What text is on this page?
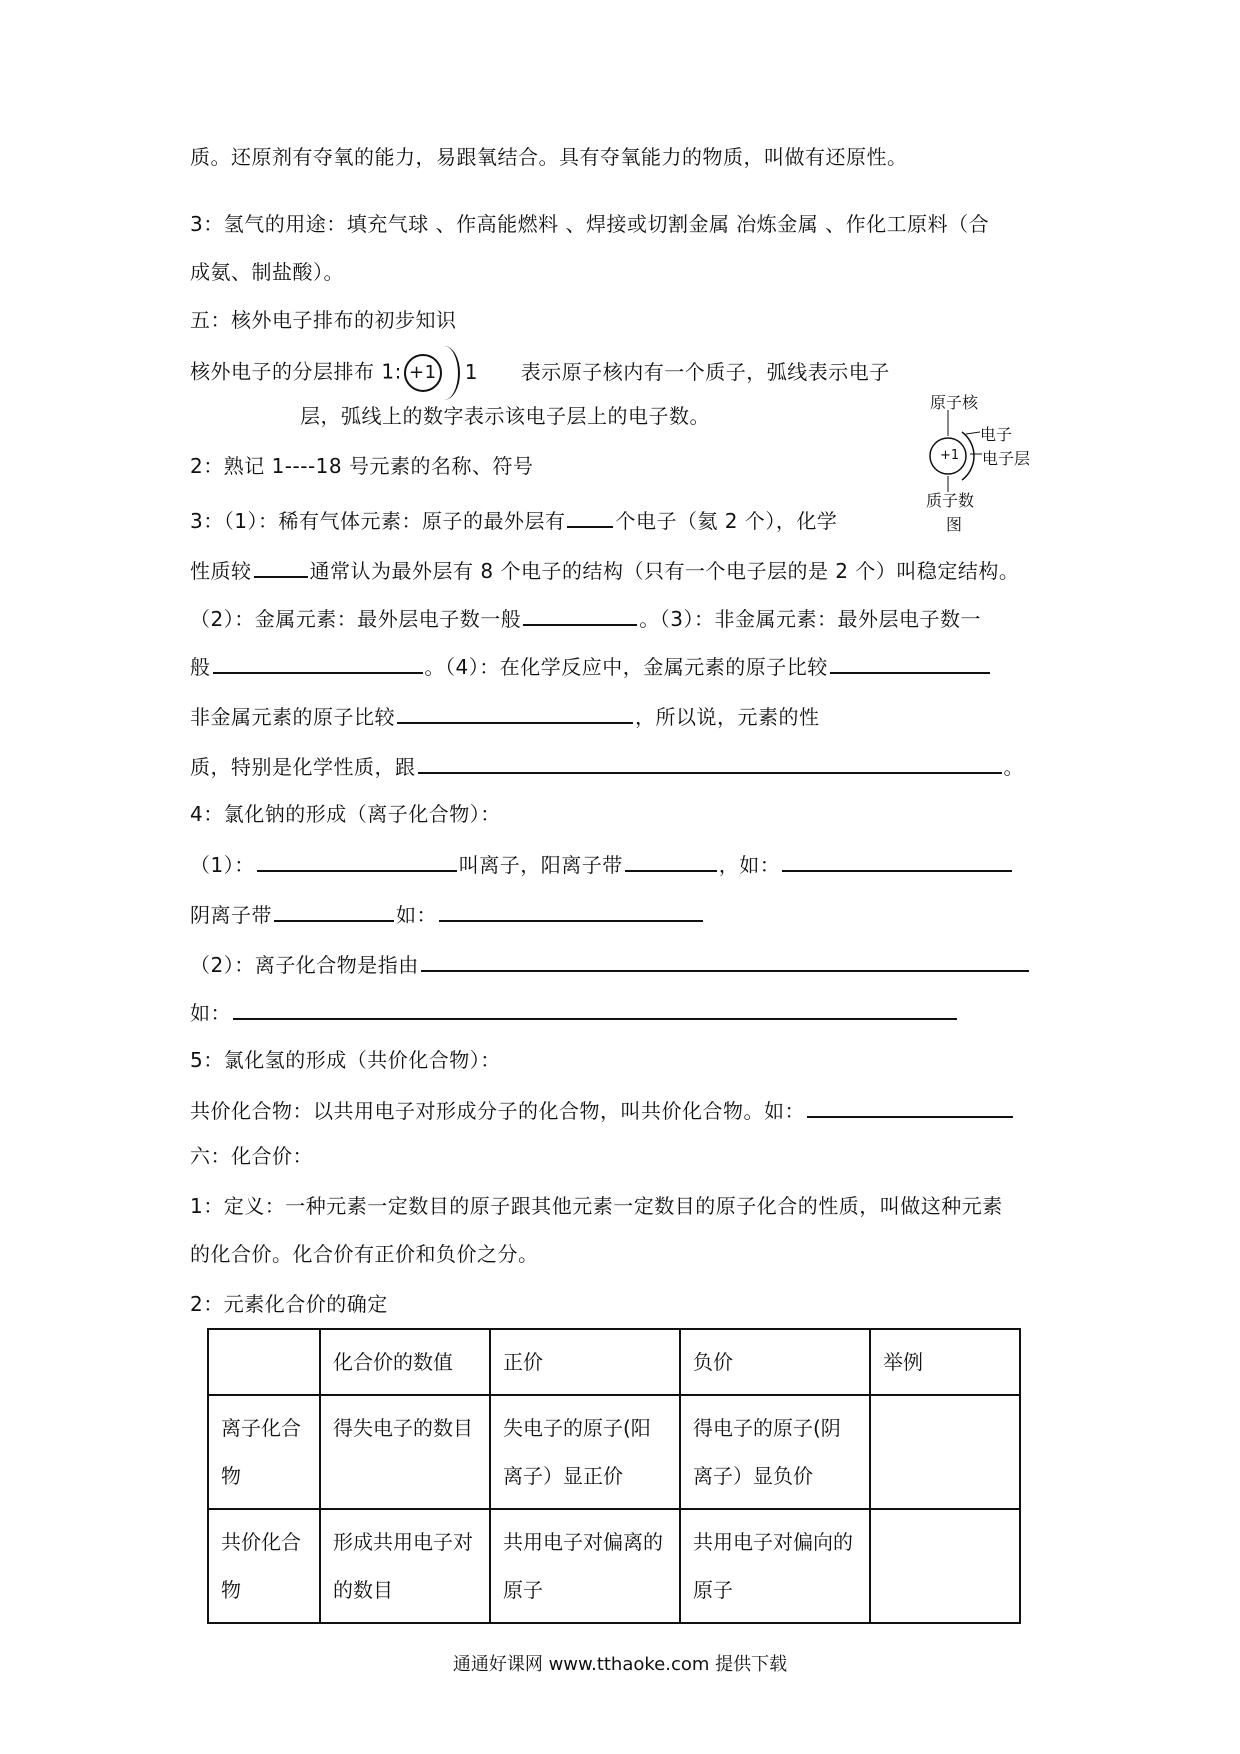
质。还原剂有夺氧的能力，易跟氧结合。具有夺氧能力的物质，叫做有还原性。
3：氢气的用途：填充气球 、作高能燃料 、焊接或切割金属 冶炼金属 、作化工原料（合
成氨、制盐酸）。
五：核外电子排布的初步知识
核外电子的分层排布 1: +1 1 表示原子核内有一个质子，弧线表示电子
层，弧线上的数字表示该电子层上的电子数。
+1
原子核
电子
电子层
质子数
图
2：熟记 1----18 号元素的名称、符号
3：（1）：稀有气体元素：原子的最外层有	个电子（氦 2 个），化学
性质较	通常认为最外层有 8 个电子的结构（只有一个电子层的是 2 个）叫稳定结构。
（2）：金属元素：最外层电子数一般	。（3）：非金属元素：最外层电子数一
般	。（4）：在化学反应中，金属元素的原子比较
非金属元素的原子比较	，所以说，元素的性
质，特别是化学性质，跟	。
4：氯化钠的形成（离子化合物）：
（1）：	叫离子，阳离子带	，如：
阴离子带	如：
（2）：离子化合物是指由
如：
5：氯化氢的形成（共价化合物）：
共价化合物：以共用电子对形成分子的化合物，叫共价化合物。如：
六：化合价：
1：定义：一种元素一定数目的原子跟其他元素一定数目的原子化合的性质，叫做这种元素
的化合价。化合价有正价和负价之分。
2：元素化合价的确定
	化合价的数值	正价	负价	举例
离子化合物	得失电子的数目	失电子的原子(阳离子）显正价	得电子的原子(阴离子）显负价	
共价化合物	形成共用电子对的数目	共用电子对偏离的原子	共用电子对偏向的原子	
通通好课网 www.tthaoke.com 提供下载
